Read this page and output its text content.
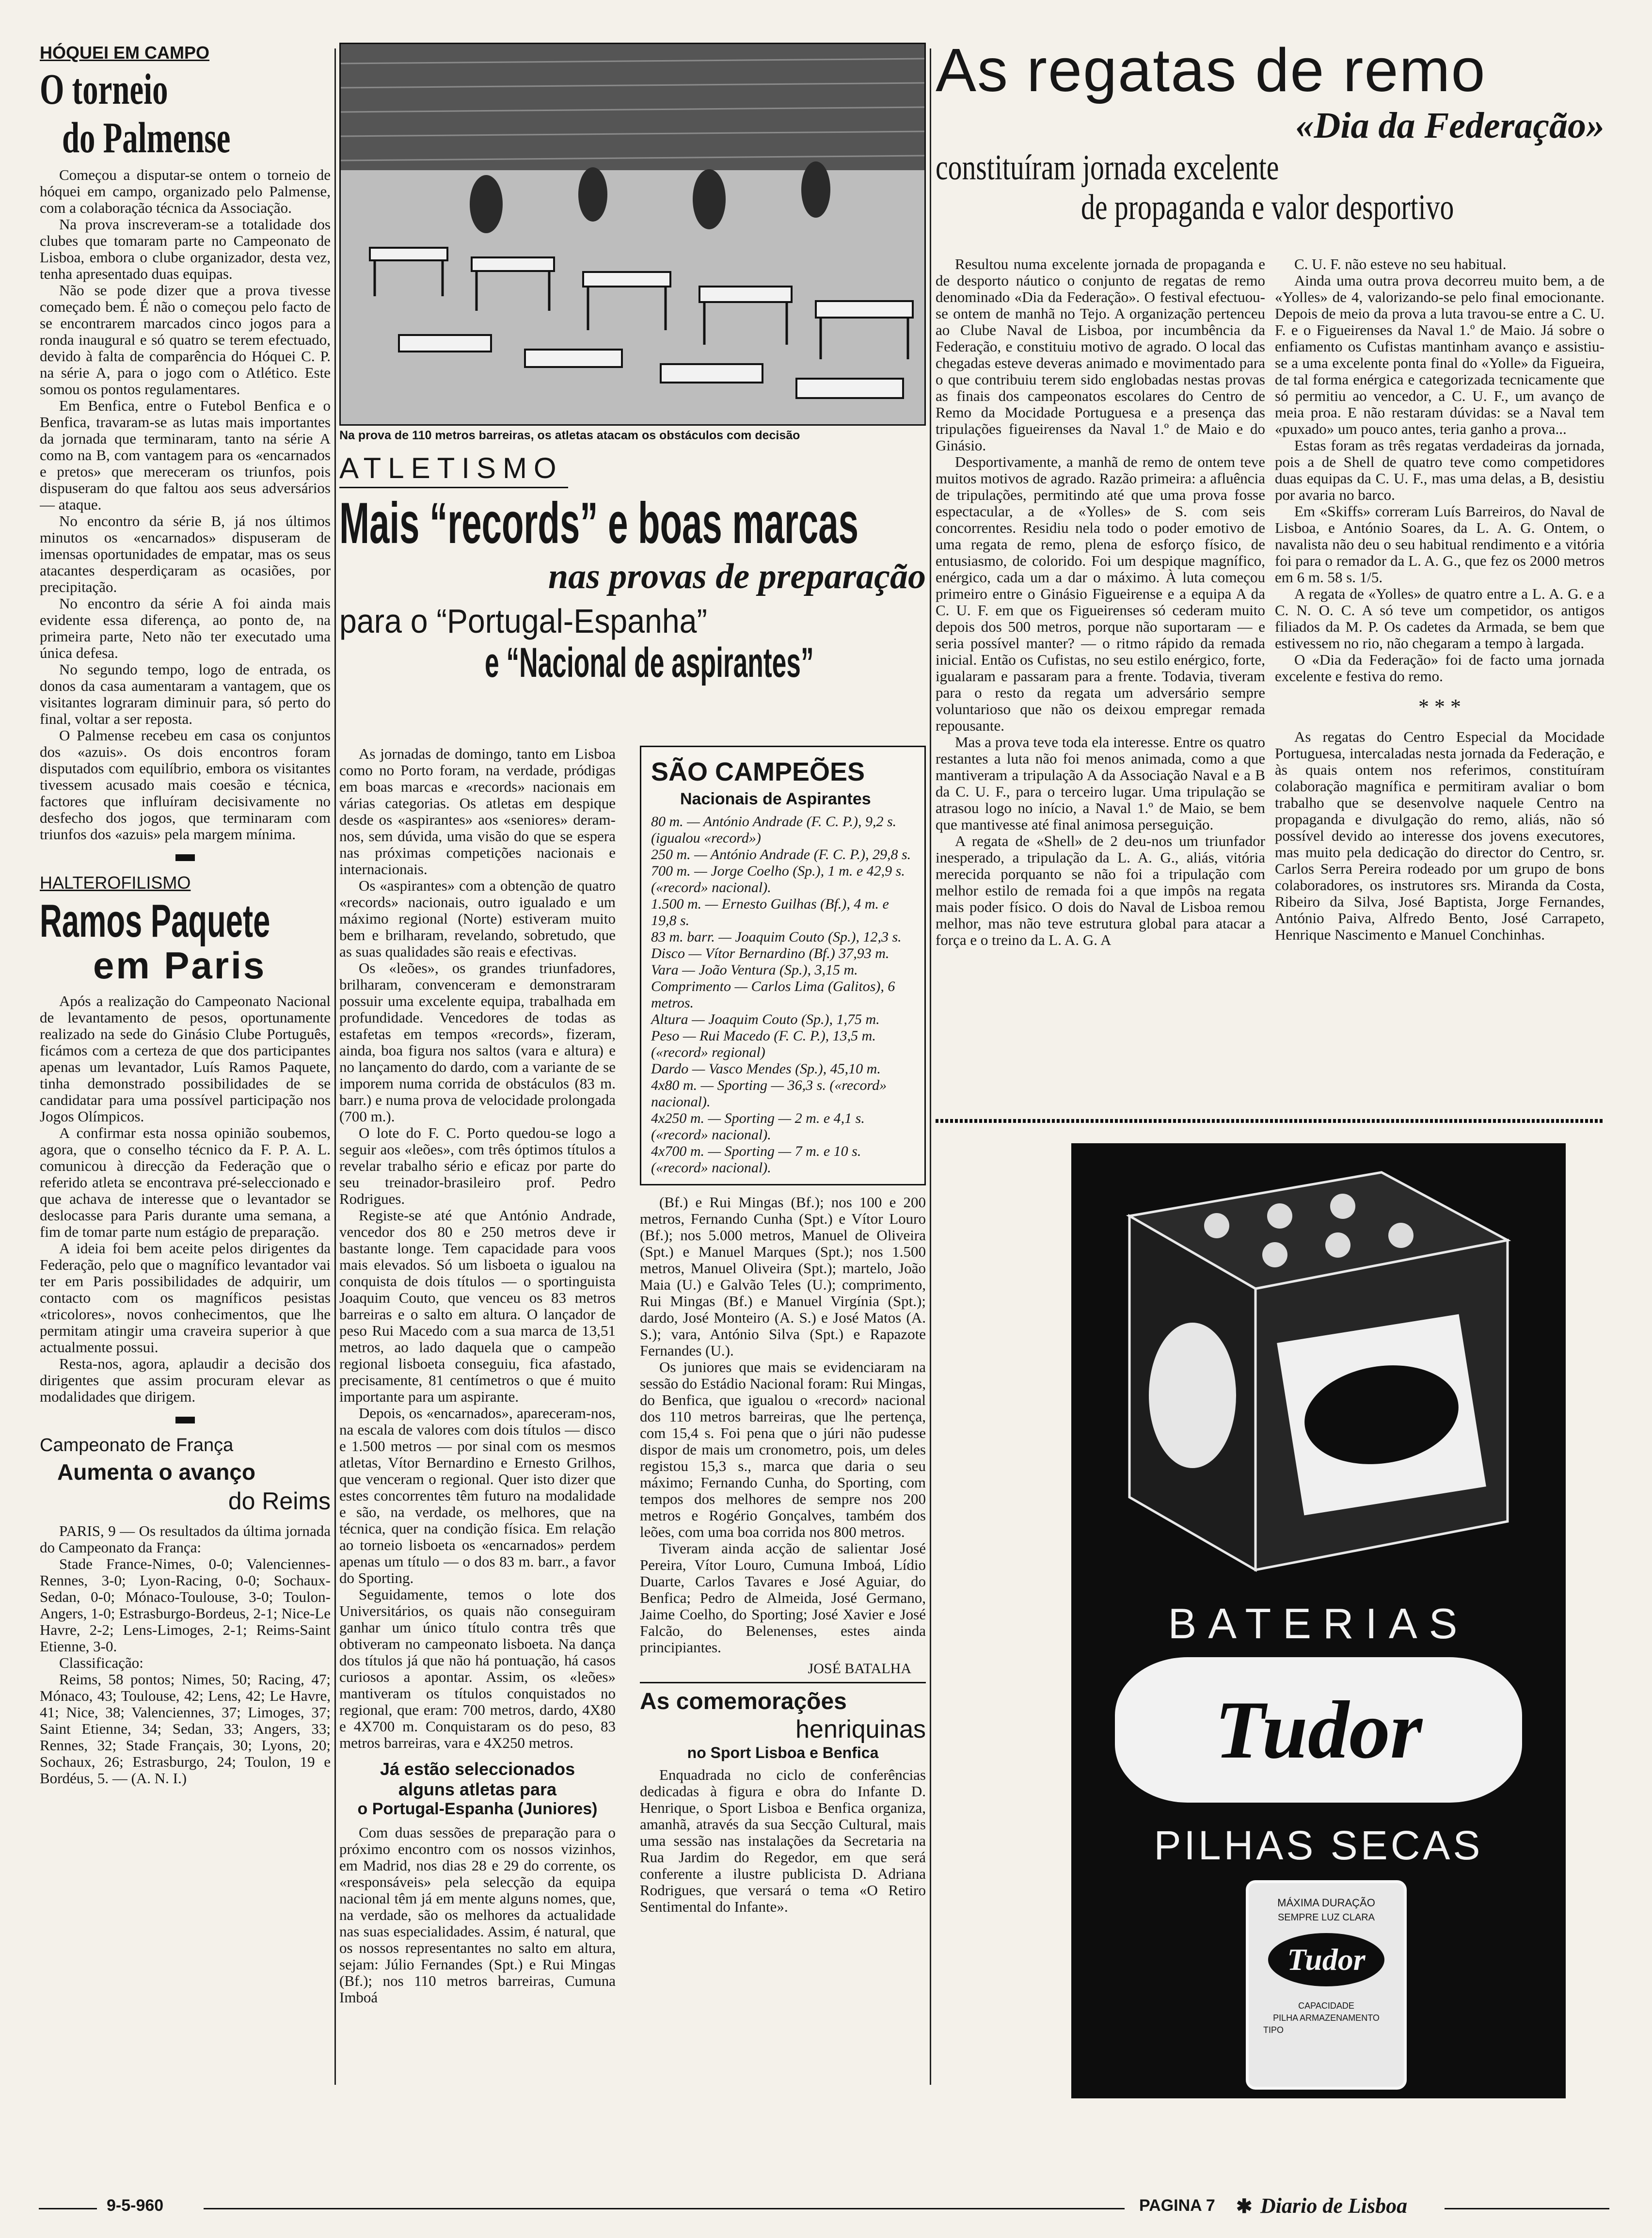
HÓQUEI EM CAMPO
O torneio
do Palmense

Começou a disputar-se ontem o torneio de hóquei em campo, organizado pelo Palmense, com a colaboração técnica da Associação.

Na prova inscreveram-se a totalidade dos clubes que tomaram parte no Campeonato de Lisboa, embora o clube organizador, desta vez, tenha apresentado duas equipas.

Não se pode dizer que a prova tivesse começado bem. É não o começou pelo facto de se encontrarem marcados cinco jogos para a ronda inaugural e só quatro se terem efectuado, devido à falta de comparência do Hóquei C. P. na série A, para o jogo com o Atlético. Este somou os pontos regulamentares.

Em Benfica, entre o Futebol Benfica e o Benfica, travaram-se as lutas mais importantes da jornada que terminaram, tanto na série A como na B, com vantagem para os «encarnados e pretos» que mereceram os triunfos, pois dispuseram do que faltou aos seus adversários — ataque.

No encontro da série B, já nos últimos minutos os «encarnados» dispuseram de imensas oportunidades de empatar, mas os seus atacantes desperdiçaram as ocasiões, por precipitação.

No encontro da série A foi ainda mais evidente essa diferença, ao ponto de, na primeira parte, Neto não ter executado uma única defesa.

No segundo tempo, logo de entrada, os donos da casa aumentaram a vantagem, que os visitantes lograram diminuir para, só perto do final, voltar a ser reposta.

O Palmense recebeu em casa os conjuntos dos «azuis». Os dois encontros foram disputados com equilíbrio, embora os visitantes tivessem acusado mais coesão e técnica, factores que influíram decisivamente no desfecho dos jogos, que terminaram com triunfos dos «azuis» pela margem mínima.

HALTEROFILISMO
Ramos Paquete
em Paris

Após a realização do Campeonato Nacional de levantamento de pesos, oportunamente realizado na sede do Ginásio Clube Português, ficámos com a certeza de que dos participantes apenas um levantador, Luís Ramos Paquete, tinha demonstrado possibilidades de se candidatar para uma possível participação nos Jogos Olímpicos.

A confirmar esta nossa opinião soubemos, agora, que o conselho técnico da F. P. A. L. comunicou à direcção da Federação que o referido atleta se encontrava pré-seleccionado e que achava de interesse que o levantador se deslocasse para Paris durante uma semana, a fim de tomar parte num estágio de preparação.

A ideia foi bem aceite pelos dirigentes da Federação, pelo que o magnífico levantador vai ter em Paris possibilidades de adquirir, um contacto com os magníficos pesistas «tricolores», novos conhecimentos, que lhe permitam atingir uma craveira superior à que actualmente possui.

Resta-nos, agora, aplaudir a decisão dos dirigentes que assim procuram elevar as modalidades que dirigem.

Campeonato de França
Aumenta o avanço
do Reims

PARIS, 9 — Os resultados da última jornada do Campeonato da França:

Stade France-Nimes, 0-0; Valenciennes-Rennes, 3-0; Lyon-Racing, 0-0; Sochaux-Sedan, 0-0; Mónaco-Toulouse, 3-0; Toulon-Angers, 1-0; Estrasburgo-Bordeus, 2-1; Nice-Le Havre, 2-2; Lens-Limoges, 2-1; Reims-Saint Etienne, 3-0.

Classificação:

Reims, 58 pontos; Nimes, 50; Racing, 47; Mónaco, 43; Toulouse, 42; Lens, 42; Le Havre, 41; Nice, 38; Valenciennes, 37; Limoges, 37; Saint Etienne, 34; Sedan, 33; Angers, 33; Rennes, 32; Stade Français, 30; Lyons, 20; Sochaux, 26; Estrasburgo, 24; Toulon, 19 e Bordéus, 5. — (A. N. I.)

Na prova de 110 metros barreiras, os atletas atacam os obstáculos com decisão
ATLETISMO
Mais “records” e boas marcas
nas provas de preparação
para o “Portugal-Espanha”
e “Nacional de aspirantes”

As jornadas de domingo, tanto em Lisboa como no Porto foram, na verdade, pródigas em boas marcas e «records» nacionais em várias categorias. Os atletas em despique desde os «aspirantes» aos «seniores» deram-nos, sem dúvida, uma visão do que se espera nas próximas competições nacionais e internacionais.

Os «aspirantes» com a obtenção de quatro «records» nacionais, outro igualado e um máximo regional (Norte) estiveram muito bem e brilharam, revelando, sobretudo, que as suas qualidades são reais e efectivas.

Os «leões», os grandes triunfadores, brilharam, convenceram e demonstraram possuir uma excelente equipa, trabalhada em profundidade. Vencedores de todas as estafetas em tempos «records», fizeram, ainda, boa figura nos saltos (vara e altura) e no lançamento do dardo, com a variante de se imporem numa corrida de obstáculos (83 m. barr.) e numa prova de velocidade prolongada (700 m.).

O lote do F. C. Porto quedou-se logo a seguir aos «leões», com três óptimos títulos a revelar trabalho sério e eficaz por parte do seu treinador-brasileiro prof. Pedro Rodrigues.

Registe-se até que António Andrade, vencedor dos 80 e 250 metros deve ir bastante longe. Tem capacidade para voos mais elevados. Só um lisboeta o igualou na conquista de dois títulos — o sportinguista Joaquim Couto, que venceu os 83 metros barreiras e o salto em altura. O lançador de peso Rui Macedo com a sua marca de 13,51 metros, ao lado daquela que o campeão regional lisboeta conseguiu, fica afastado, precisamente, 81 centímetros o que é muito importante para um aspirante.

Depois, os «encarnados», apareceram-nos, na escala de valores com dois títulos — disco e 1.500 metros — por sinal com os mesmos atletas, Vítor Bernardino e Ernesto Grilhos, que venceram o regional. Quer isto dizer que estes concorrentes têm futuro na modalidade e são, na verdade, os melhores, que na técnica, quer na condição física. Em relação ao torneio lisboeta os «encarnados» perdem apenas um título — o dos 83 m. barr., a favor do Sporting.

Seguidamente, temos o lote dos Universitários, os quais não conseguiram ganhar um único título contra três que obtiveram no campeonato lisboeta. Na dança dos títulos já que não há pontuação, há casos curiosos a apontar. Assim, os «leões» mantiveram os títulos conquistados no regional, que eram: 700 metros, dardo, 4X80 e 4X700 m. Conquistaram os do peso, 83 metros barreiras, vara e 4X250 metros.

Já estão seleccionados
alguns atletas para
o Portugal-Espanha (Juniores)

Com duas sessões de preparação para o próximo encontro com os nossos vizinhos, em Madrid, nos dias 28 e 29 do corrente, os «responsáveis» pela selecção da equipa nacional têm já em mente alguns nomes, que, na verdade, são os melhores da actualidade nas suas especialidades. Assim, é natural, que os nossos representantes no salto em altura, sejam: Júlio Fernandes (Spt.) e Rui Mingas (Bf.); nos 110 metros barreiras, Cumuna Imboá

SÃO CAMPEÕES
Nacionais de Aspirantes

80 m. — António Andrade (F. C. P.), 9,2 s. (igualou «record»)

250 m. — António Andrade (F. C. P.), 29,8 s.

700 m. — Jorge Coelho (Sp.), 1 m. e 42,9 s. («record» nacional).

1.500 m. — Ernesto Guilhas (Bf.), 4 m. e 19,8 s.

83 m. barr. — Joaquim Couto (Sp.), 12,3 s.

Disco — Vítor Bernardino (Bf.) 37,93 m.

Vara — João Ventura (Sp.), 3,15 m.

Comprimento — Carlos Lima (Galitos), 6 metros.

Altura — Joaquim Couto (Sp.), 1,75 m.

Peso — Rui Macedo (F. C. P.), 13,5 m. («record» regional)

Dardo — Vasco Mendes (Sp.), 45,10 m.

4x80 m. — Sporting — 36,3 s. («record» nacional).

4x250 m. — Sporting — 2 m. e 4,1 s. («record» nacional).

4x700 m. — Sporting — 7 m. e 10 s. («record» nacional).

(Bf.) e Rui Mingas (Bf.); nos 100 e 200 metros, Fernando Cunha (Spt.) e Vítor Louro (Bf.); nos 5.000 metros, Manuel de Oliveira (Spt.) e Manuel Marques (Spt.); nos 1.500 metros, Manuel Oliveira (Spt.); martelo, João Maia (U.) e Galvão Teles (U.); comprimento, Rui Mingas (Bf.) e Manuel Virgínia (Spt.); dardo, José Monteiro (A. S.) e José Matos (A. S.); vara, António Silva (Spt.) e Rapazote Fernandes (U.).

Os juniores que mais se evidenciaram na sessão do Estádio Nacional foram: Rui Mingas, do Benfica, que igualou o «record» nacional dos 110 metros barreiras, que lhe pertença, com 15,4 s. Foi pena que o júri não pudesse dispor de mais um cronometro, pois, um deles registou 15,3 s., marca que daria o seu máximo; Fernando Cunha, do Sporting, com tempos dos melhores de sempre nos 200 metros e Rogério Gonçalves, também dos leões, com uma boa corrida nos 800 metros.

Tiveram ainda acção de salientar José Pereira, Vítor Louro, Cumuna Imboá, Lídio Duarte, Carlos Tavares e José Aguiar, do Benfica; Pedro de Almeida, José Germano, Jaime Coelho, do Sporting; José Xavier e José Falcão, do Belenenses, estes ainda principiantes.

JOSÉ BATALHA
As comemorações
henriquinas
no Sport Lisboa e Benfica

Enquadrada no ciclo de conferências dedicadas à figura e obra do Infante D. Henrique, o Sport Lisboa e Benfica organiza, amanhã, através da sua Secção Cultural, mais uma sessão nas instalações da Secretaria na Rua Jardim do Regedor, em que será conferente a ilustre publicista D. Adriana Rodrigues, que versará o tema «O Retiro Sentimental do Infante».

As regatas de remo
«Dia da Federação»
constituíram jornada excelente
de propaganda e valor desportivo

Resultou numa excelente jornada de propaganda e de desporto náutico o conjunto de regatas de remo denominado «Dia da Federação». O festival efectuou-se ontem de manhã no Tejo. A organização pertenceu ao Clube Naval de Lisboa, por incumbência da Federação, e constituiu motivo de agrado. O local das chegadas esteve deveras animado e movimentado para o que contribuiu terem sido englobadas nestas provas as finais dos campeonatos escolares do Centro de Remo da Mocidade Portuguesa e a presença das tripulações figueirenses da Naval 1.º de Maio e do Ginásio.

Desportivamente, a manhã de remo de ontem teve muitos motivos de agrado. Razão primeira: a afluência de tripulações, permitindo até que uma prova fosse espectacular, a de «Yolles» de S. com seis concorrentes. Residiu nela todo o poder emotivo de uma regata de remo, plena de esforço físico, de entusiasmo, de colorido. Foi um despique magnífico, enérgico, cada um a dar o máximo. À luta começou primeiro entre o Ginásio Figueirense e a equipa A da C. U. F. em que os Figueirenses só cederam muito depois dos 500 metros, porque não suportaram — e seria possível manter? — o ritmo rápido da remada inicial. Então os Cufistas, no seu estilo enérgico, forte, igualaram e passaram para a frente. Todavia, tiveram para o resto da regata um adversário sempre voluntarioso que não os deixou empregar remada repousante.

Mas a prova teve toda ela interesse. Entre os quatro restantes a luta não foi menos animada, como a que mantiveram a tripulação A da Associação Naval e a B da C. U. F., para o terceiro lugar. Uma tripulação se atrasou logo no início, a Naval 1.º de Maio, se bem que mantivesse até final animosa perseguição.

A regata de «Shell» de 2 deu-nos um triunfador inesperado, a tripulação da L. A. G., aliás, vitória merecida porquanto se não foi a tripulação com melhor estilo de remada foi a que impôs na regata mais poder físico. O dois do Naval de Lisboa remou melhor, mas não teve estrutura global para atacar a força e o treino da L. A. G. A

C. U. F. não esteve no seu habitual.

Ainda uma outra prova decorreu muito bem, a de «Yolles» de 4, valorizando-se pelo final emocionante. Depois de meio da prova a luta travou-se entre a C. U. F. e o Figueirenses da Naval 1.º de Maio. Já sobre o enfiamento os Cufistas mantinham avanço e assistiu-se a uma excelente ponta final do «Yolle» da Figueira, de tal forma enérgica e categorizada tecnicamente que só permitiu ao vencedor, a C. U. F., um avanço de meia proa. E não restaram dúvidas: se a Naval tem «puxado» um pouco antes, teria ganho a prova...

Estas foram as três regatas verdadeiras da jornada, pois a de Shell de quatro teve como competidores duas equipas da C. U. F., mas uma delas, a B, desistiu por avaria no barco.

Em «Skiffs» correram Luís Barreiros, do Naval de Lisboa, e António Soares, da L. A. G. Ontem, o navalista não deu o seu habitual rendimento e a vitória foi para o remador da L. A. G., que fez os 2000 metros em 6 m. 58 s. 1/5.

A regata de «Yolles» de quatro entre a L. A. G. e a C. N. O. C. A só teve um competidor, os antigos filiados da M. P. Os cadetes da Armada, se bem que estivessem no rio, não chegaram a tempo à largada.

O «Dia da Federação» foi de facto uma jornada excelente e festiva do remo.

* * *

As regatas do Centro Especial da Mocidade Portuguesa, intercaladas nesta jornada da Federação, e às quais ontem nos referimos, constituíram colaboração magnífica e permitiram avaliar o bom trabalho que se desenvolve naquele Centro na propaganda e divulgação do remo, aliás, não só possível devido ao interesse dos jovens executores, mas muito pela dedicação do director do Centro, sr. Carlos Serra Pereira rodeado por um grupo de bons colaboradores, os instrutores srs. Miranda da Costa, Ribeiro da Silva, José Baptista, Jorge Fernandes, António Paiva, Alfredo Bento, José Carrapeto, Henrique Nascimento e Manuel Conchinhas.

BATERIAS
Tudor
PILHAS SECAS
MÁXIMA DURAÇÃO
SEMPRE LUZ CLARA
Tudor
CAPACIDADE
PILHA ARMAZENAMENTO
TIPO
9-5-960	PAGINA 7 ✱ Diario de Lisboa
